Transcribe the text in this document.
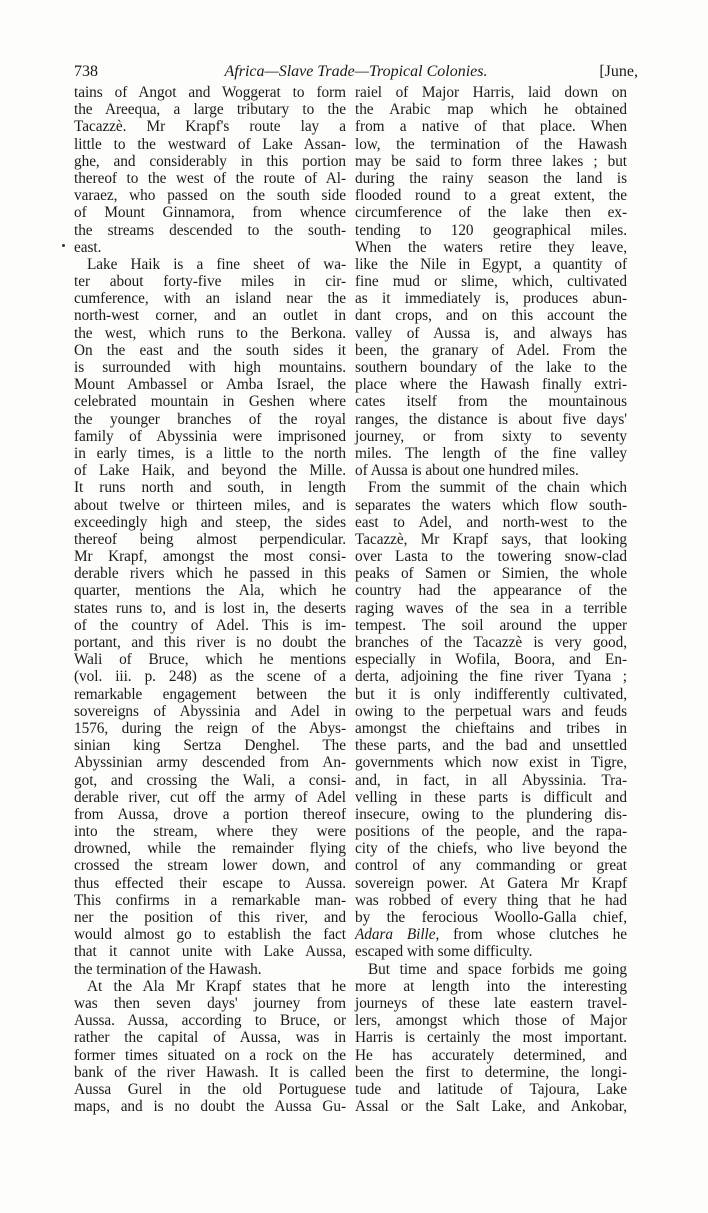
738	Africa—Slave Trade—Tropical Colonies.	[June,
tains of Angot and Woggerat to form
the Areequa, a large tributary to the
Tacazzè. Mr Krapf's route lay a
little to the westward of Lake Assan-
ghe, and considerably in this portion
thereof to the west of the route of Al-
varaez, who passed on the south side
of Mount Ginnamora, from whence
the streams descended to the south-
east.
Lake Haik is a fine sheet of wa-
ter about forty-five miles in cir-
cumference, with an island near the
north-west corner, and an outlet in
the west, which runs to the Berkona.
On the east and the south sides it
is surrounded with high mountains.
Mount Ambassel or Amba Israel, the
celebrated mountain in Geshen where
the younger branches of the royal
family of Abyssinia were imprisoned
in early times, is a little to the north
of Lake Haik, and beyond the Mille.
It runs north and south, in length
about twelve or thirteen miles, and is
exceedingly high and steep, the sides
thereof being almost perpendicular.
Mr Krapf, amongst the most consi-
derable rivers which he passed in this
quarter, mentions the Ala, which he
states runs to, and is lost in, the deserts
of the country of Adel. This is im-
portant, and this river is no doubt the
Wali of Bruce, which he mentions
(vol. iii. p. 248) as the scene of a
remarkable engagement between the
sovereigns of Abyssinia and Adel in
1576, during the reign of the Abys-
sinian king Sertza Denghel. The
Abyssinian army descended from An-
got, and crossing the Wali, a consi-
derable river, cut off the army of Adel
from Aussa, drove a portion thereof
into the stream, where they were
drowned, while the remainder flying
crossed the stream lower down, and
thus effected their escape to Aussa.
This confirms in a remarkable man-
ner the position of this river, and
would almost go to establish the fact
that it cannot unite with Lake Aussa,
the termination of the Hawash.
At the Ala Mr Krapf states that he
was then seven days' journey from
Aussa. Aussa, according to Bruce, or
rather the capital of Aussa, was in
former times situated on a rock on the
bank of the river Hawash. It is called
Aussa Gurel in the old Portuguese
maps, and is no doubt the Aussa Gu-
raiel of Major Harris, laid down on
the Arabic map which he obtained
from a native of that place. When
low, the termination of the Hawash
may be said to form three lakes ; but
during the rainy season the land is
flooded round to a great extent, the
circumference of the lake then ex-
tending to 120 geographical miles.
When the waters retire they leave,
like the Nile in Egypt, a quantity of
fine mud or slime, which, cultivated
as it immediately is, produces abun-
dant crops, and on this account the
valley of Aussa is, and always has
been, the granary of Adel. From the
southern boundary of the lake to the
place where the Hawash finally extri-
cates itself from the mountainous
ranges, the distance is about five days'
journey, or from sixty to seventy
miles. The length of the fine valley
of Aussa is about one hundred miles.
From the summit of the chain which
separates the waters which flow south-
east to Adel, and north-west to the
Tacazzè, Mr Krapf says, that looking
over Lasta to the towering snow-clad
peaks of Samen or Simien, the whole
country had the appearance of the
raging waves of the sea in a terrible
tempest. The soil around the upper
branches of the Tacazzè is very good,
especially in Wofila, Boora, and En-
derta, adjoining the fine river Tyana ;
but it is only indifferently cultivated,
owing to the perpetual wars and feuds
amongst the chieftains and tribes in
these parts, and the bad and unsettled
governments which now exist in Tigre,
and, in fact, in all Abyssinia. Tra-
velling in these parts is difficult and
insecure, owing to the plundering dis-
positions of the people, and the rapa-
city of the chiefs, who live beyond the
control of any commanding or great
sovereign power. At Gatera Mr Krapf
was robbed of every thing that he had
by the ferocious Woollo-Galla chief,
Adara Bille, from whose clutches he
escaped with some difficulty.
But time and space forbids me going
more at length into the interesting
journeys of these late eastern travel-
lers, amongst which those of Major
Harris is certainly the most important.
He has accurately determined, and
been the first to determine, the longi-
tude and latitude of Tajoura, Lake
Assal or the Salt Lake, and Ankobar,
